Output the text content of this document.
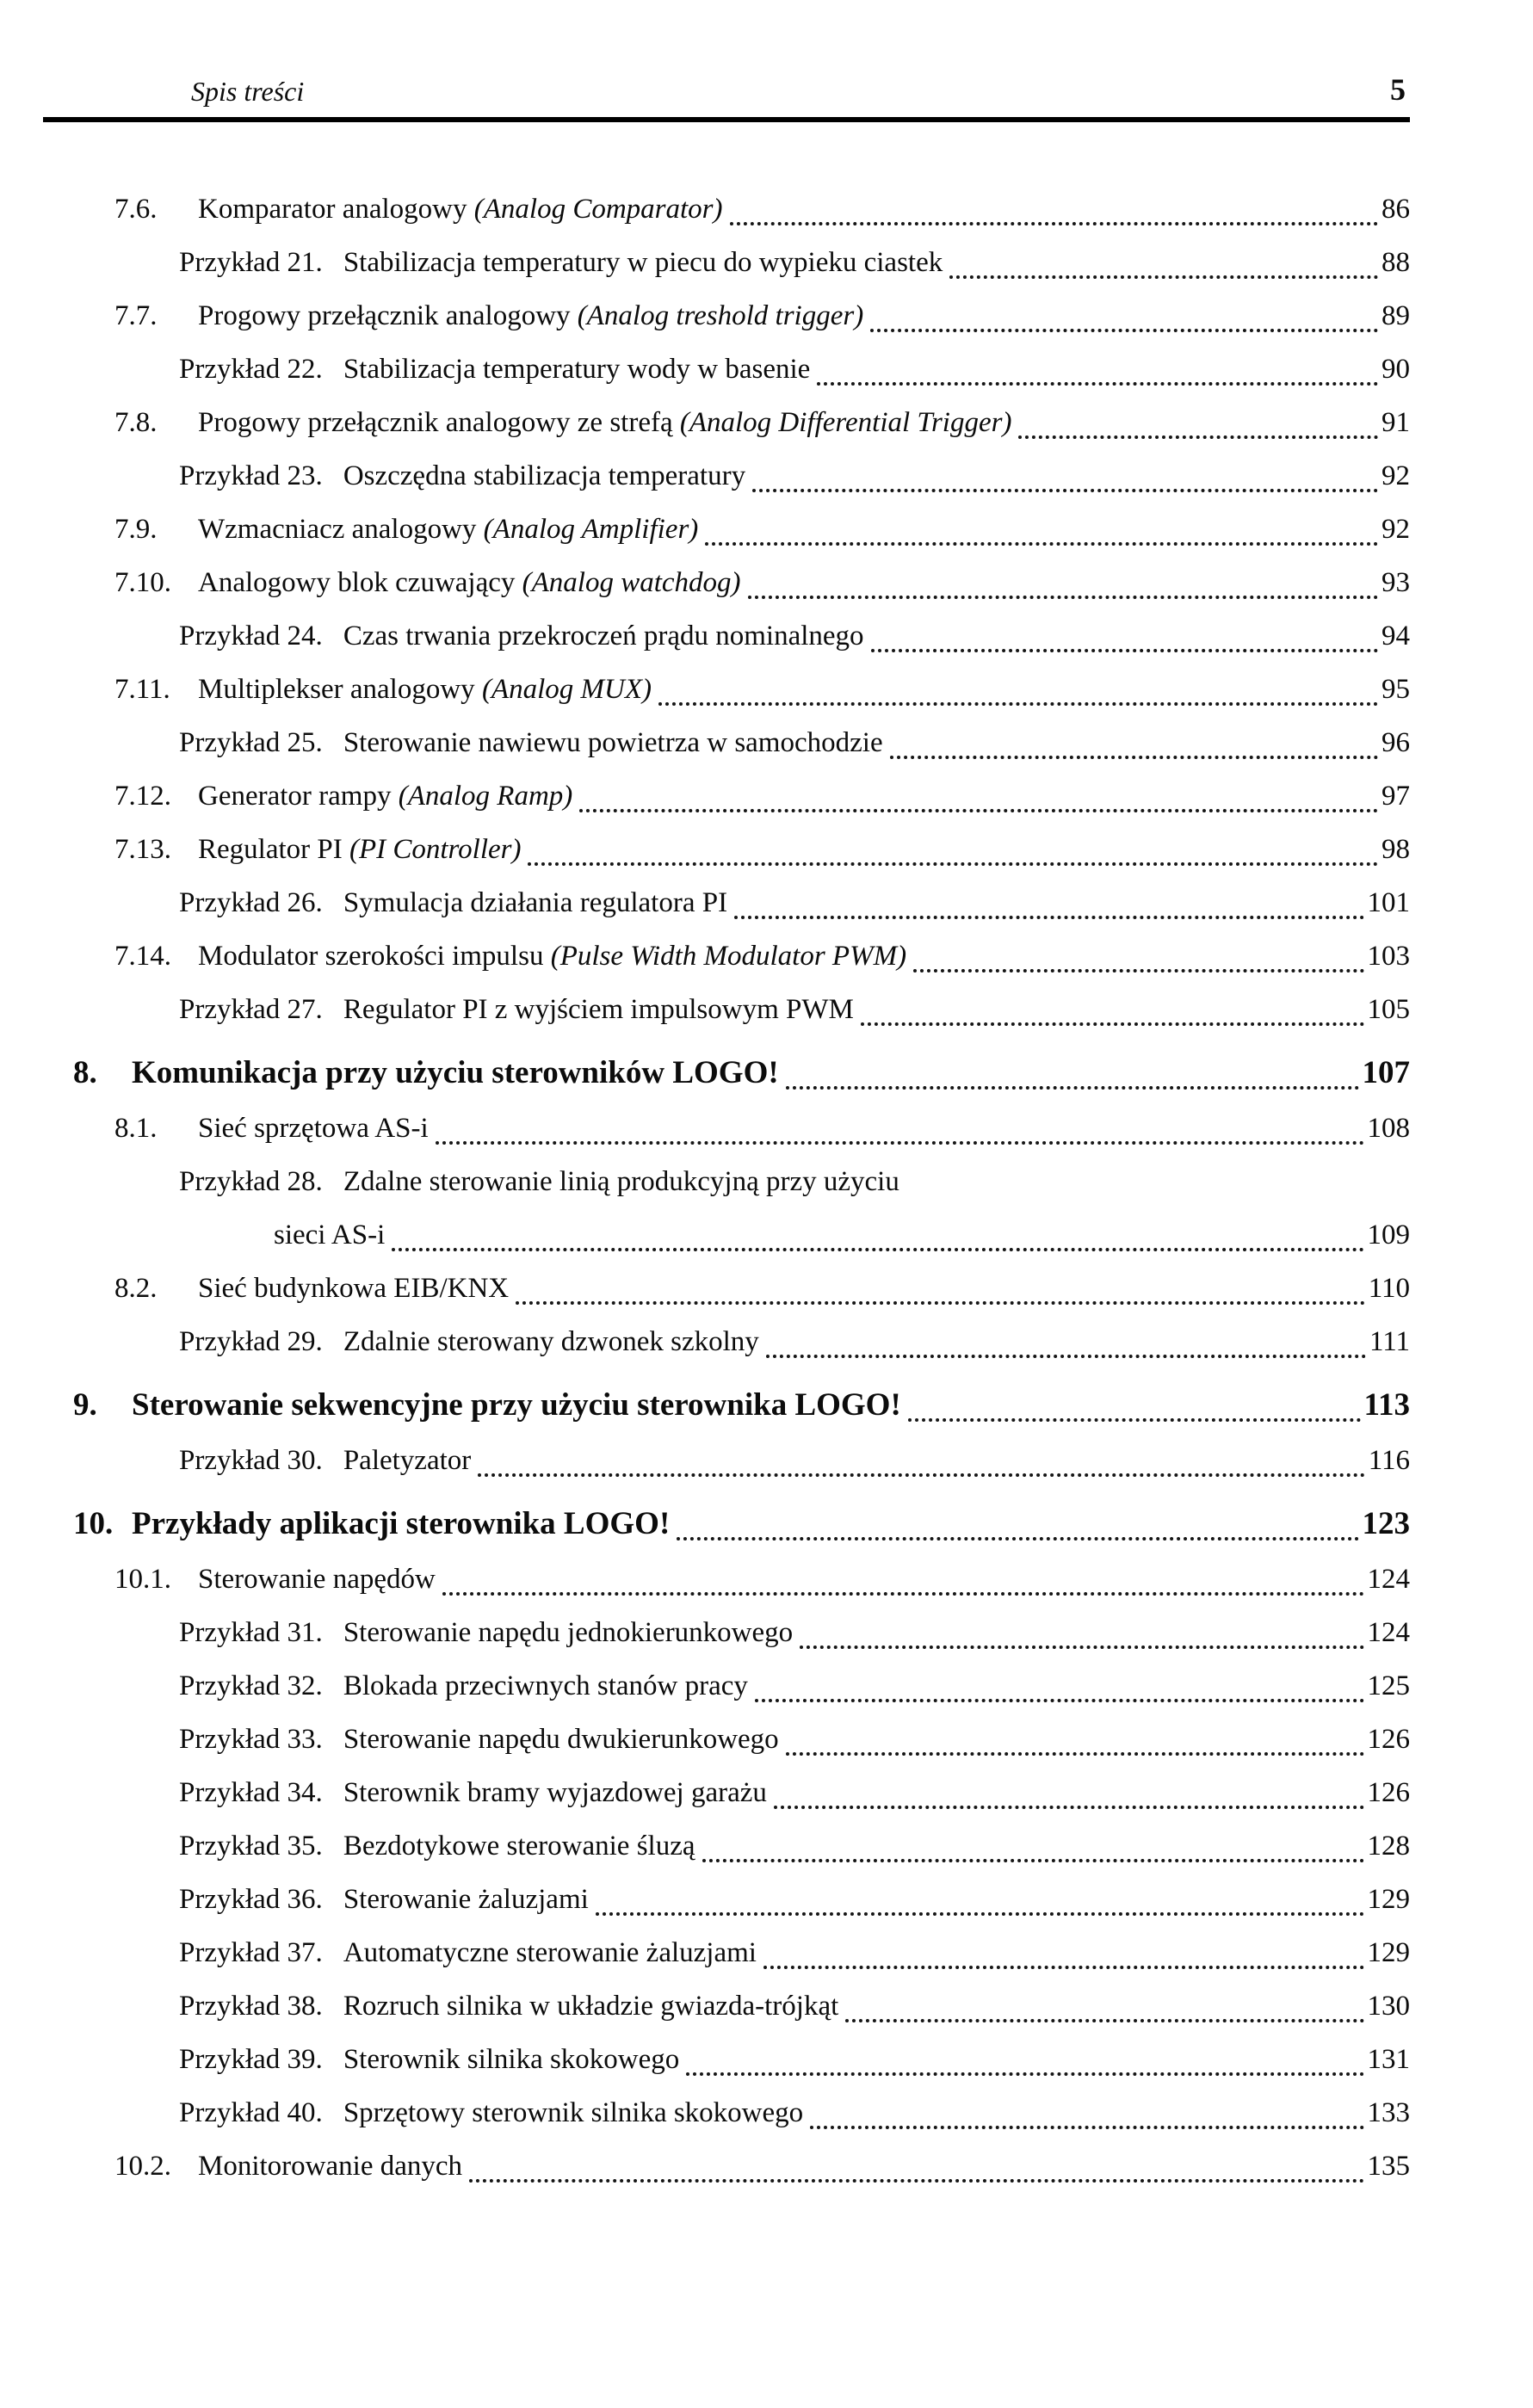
Spis treści	5
7.6.	Komparator analogowy (Analog Comparator)	86
Przykład 21. Stabilizacja temperatury w piecu do wypieku ciastek	88
7.7.	Progowy przełącznik analogowy (Analog treshold trigger)	89
Przykład 22. Stabilizacja temperatury wody w basenie	90
7.8.	Progowy przełącznik analogowy ze strefą (Analog Differential Trigger)	91
Przykład 23. Oszczędna stabilizacja temperatury	92
7.9.	Wzmacniacz analogowy (Analog Amplifier)	92
7.10. Analogowy blok czuwający (Analog watchdog)	93
Przykład 24. Czas trwania przekroczeń prądu nominalnego	94
7.11. Multiplekser analogowy (Analog MUX)	95
Przykład 25. Sterowanie nawiewu powietrza w samochodzie	96
7.12. Generator rampy (Analog Ramp)	97
7.13. Regulator PI (PI Controller)	98
Przykład 26. Symulacja działania regulatora PI	101
7.14. Modulator szerokości impulsu (Pulse Width Modulator PWM)	103
Przykład 27. Regulator PI z wyjściem impulsowym PWM	105
8.	Komunikacja przy użyciu sterowników LOGO!	107
8.1.	Sieć sprzętowa AS-i	108
Przykład 28. Zdalne sterowanie linią produkcyjną przy użyciu
sieci AS-i	109
8.2.	Sieć budynkowa EIB/KNX	110
Przykład 29. Zdalnie sterowany dzwonek szkolny	111
9.	Sterowanie sekwencyjne przy użyciu sterownika LOGO!	113
Przykład 30. Paletyzator	116
10. Przykłady aplikacji sterownika LOGO!	123
10.1. Sterowanie napędów	124
Przykład 31. Sterowanie napędu jednokierunkowego	124
Przykład 32. Blokada przeciwnych stanów pracy	125
Przykład 33. Sterowanie napędu dwukierunkowego	126
Przykład 34. Sterownik bramy wyjazdowej garażu	126
Przykład 35. Bezdotykowe sterowanie śluzą	128
Przykład 36. Sterowanie żaluzjami	129
Przykład 37. Automatyczne sterowanie żaluzjami	129
Przykład 38. Rozruch silnika w układzie gwiazda-trójkąt	130
Przykład 39. Sterownik silnika skokowego	131
Przykład 40. Sprzętowy sterownik silnika skokowego	133
10.2. Monitorowanie danych	135
